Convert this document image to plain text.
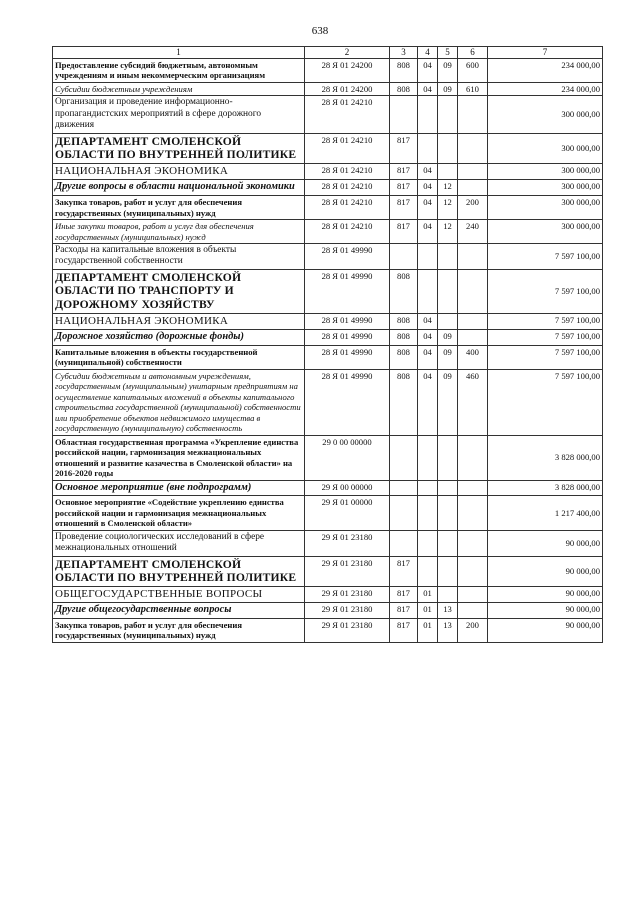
638
1	2	3	4	5	6	7
Предоставление субсидий бюджетным, автономным учреждениям и иным некоммерческим организациям	28 Я 01 24200	808	04	09	600	234 000,00
Субсидии бюджетным учреждениям	28 Я 01 24200	808	04	09	610	234 000,00
Организация и проведение информационно-пропагандистских мероприятий в сфере дорожного движения	28 Я 01 24210					300 000,00
ДЕПАРТАМЕНТ СМОЛЕНСКОЙ ОБЛАСТИ ПО ВНУТРЕННЕЙ ПОЛИТИКЕ	28 Я 01 24210	817				300 000,00
НАЦИОНАЛЬНАЯ ЭКОНОМИКА	28 Я 01 24210	817	04			300 000,00
Другие вопросы в области национальной экономики	28 Я 01 24210	817	04	12		300 000,00
Закупка товаров, работ и услуг для обеспечения государственных (муниципальных) нужд	28 Я 01 24210	817	04	12	200	300 000,00
Иные закупки товаров, работ и услуг для обеспечения государственных (муниципальных) нужд	28 Я 01 24210	817	04	12	240	300 000,00
Расходы на капитальные вложения в объекты государственной собственности	28 Я 01 49990					7 597 100,00
ДЕПАРТАМЕНТ СМОЛЕНСКОЙ ОБЛАСТИ ПО ТРАНСПОРТУ И ДОРОЖНОМУ ХОЗЯЙСТВУ	28 Я 01 49990	808				7 597 100,00
НАЦИОНАЛЬНАЯ ЭКОНОМИКА	28 Я 01 49990	808	04			7 597 100,00
Дорожное хозяйство (дорожные фонды)	28 Я 01 49990	808	04	09		7 597 100,00
Капитальные вложения в объекты государственной (муниципальной) собственности	28 Я 01 49990	808	04	09	400	7 597 100,00
Субсидии бюджетным и автономным учреждениям, государственным (муниципальным) унитарным предприятиям на осуществление капитальных вложений в объекты капитального строительства государственной (муниципальной) собственности или приобретение объектов недвижимого имущества в государственную (муниципальную) собственность	28 Я 01 49990	808	04	09	460	7 597 100,00
Областная государственная программа «Укрепление единства российской нации, гармонизация межнациональных отношений и развитие казачества в Смоленской области» на 2016-2020 годы	29 0 00 00000					3 828 000,00
Основное мероприятие (вне подпрограмм)	29 Я 00 00000					3 828 000,00
Основное мероприятие «Содействие укреплению единства российской нации и гармонизация межнациональных отношений в Смоленской области»	29 Я 01 00000					1 217 400,00
Проведение социологических исследований в сфере межнациональных отношений	29 Я 01 23180					90 000,00
ДЕПАРТАМЕНТ СМОЛЕНСКОЙ ОБЛАСТИ ПО ВНУТРЕННЕЙ ПОЛИТИКЕ	29 Я 01 23180	817				90 000,00
ОБЩЕГОСУДАРСТВЕННЫЕ ВОПРОСЫ	29 Я 01 23180	817	01			90 000,00
Другие общегосударственные вопросы	29 Я 01 23180	817	01	13		90 000,00
Закупка товаров, работ и услуг для обеспечения государственных (муниципальных) нужд	29 Я 01 23180	817	01	13	200	90 000,00
